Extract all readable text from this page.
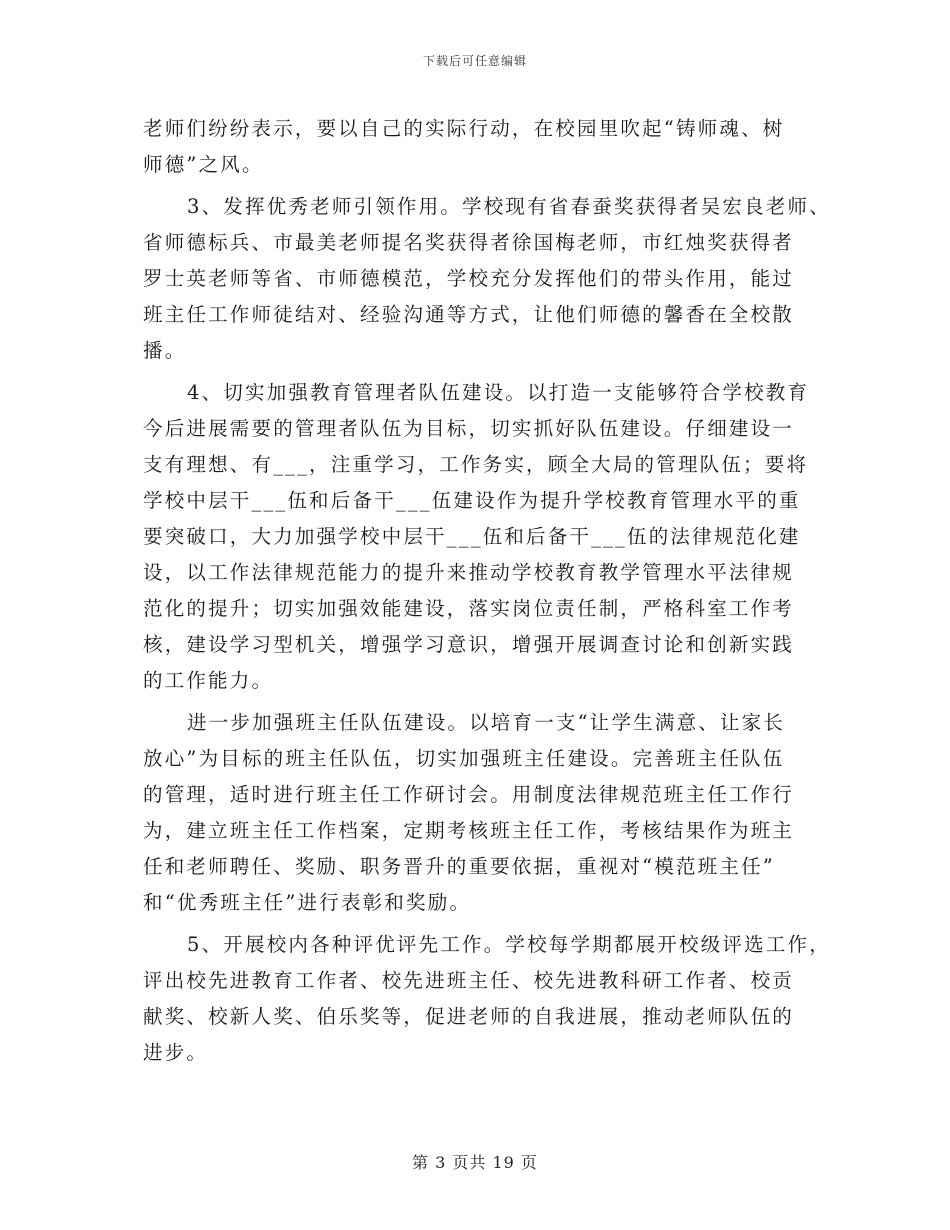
下载后可任意编辑
老师们纷纷表示，要以自己的实际行动，在校园里吹起“铸师魂、树
师德”之风。
3、发挥优秀老师引领作用。学校现有省春蚕奖获得者吴宏良老师、
省师德标兵、市最美老师提名奖获得者徐国梅老师，市红烛奖获得者
罗士英老师等省、市师德模范，学校充分发挥他们的带头作用，能过
班主任工作师徒结对、经验沟通等方式，让他们师德的馨香在全校散
播。
4、切实加强教育管理者队伍建设。以打造一支能够符合学校教育
今后进展需要的管理者队伍为目标，切实抓好队伍建设。仔细建设一
支有理想、有___，注重学习，工作务实，顾全大局的管理队伍；要将
学校中层干___伍和后备干___伍建设作为提升学校教育管理水平的重
要突破口，大力加强学校中层干___伍和后备干___伍的法律规范化建
设，以工作法律规范能力的提升来推动学校教育教学管理水平法律规
范化的提升；切实加强效能建设，落实岗位责任制，严格科室工作考
核，建设学习型机关，增强学习意识，增强开展调查讨论和创新实践
的工作能力。
进一步加强班主任队伍建设。以培育一支“让学生满意、让家长
放心”为目标的班主任队伍，切实加强班主任建设。完善班主任队伍
的管理，适时进行班主任工作研讨会。用制度法律规范班主任工作行
为，建立班主任工作档案，定期考核班主任工作，考核结果作为班主
任和老师聘任、奖励、职务晋升的重要依据，重视对“模范班主任”
和“优秀班主任”进行表彰和奖励。
5、开展校内各种评优评先工作。学校每学期都展开校级评选工作，
评出校先进教育工作者、校先进班主任、校先进教科研工作者、校贡
献奖、校新人奖、伯乐奖等，促进老师的自我进展，推动老师队伍的
进步。
第 3 页共 19 页
